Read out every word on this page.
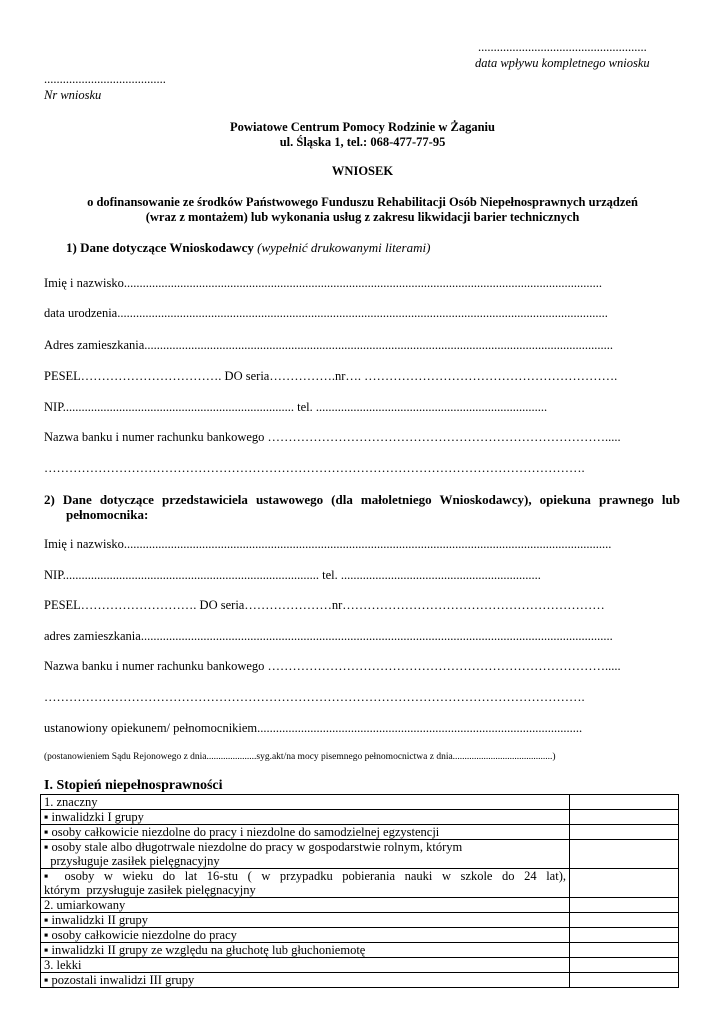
......................................................
data wpływu kompletnego wniosku
.......................................
Nr wniosku
Powiatowe Centrum Pomocy Rodzinie w Żaganiu
ul. Śląska 1, tel.: 068-477-77-95
WNIOSEK
o dofinansowanie ze środków Państwowego Funduszu Rehabilitacji Osób Niepełnosprawnych urządzeń
(wraz z montażem) lub wykonania usług z zakresu likwidacji barier technicznych
1) Dane dotyczące Wnioskodawcy (wypełnić drukowanymi literami)
Imię i nazwisko.........................................................................................................................................................
data urodzenia.............................................................................................................................................................
Adres zamieszkania......................................................................................................................................................
PESEL……………………………. DO seria…………….nr…. …………………………………………………….
NIP.......................................................................... tel. ..........................................................................
Nazwa banku i numer rachunku bankowego ……………………………………………………………………….....
………………………………………………………………………………………………………………….
2) Dane dotyczące przedstawiciela ustawowego (dla małoletniego Wnioskodawcy), opiekuna prawnego lub
pełnomocnika:
Imię i nazwisko............................................................................................................................................................
NIP.................................................................................. tel. ................................................................
PESEL………………………. DO seria…………………nr………………………………………………………
adres zamieszkania.......................................................................................................................................................
Nazwa banku i numer rachunku bankowego ……………………………………………………………………….....
………………………………………………………………………………………………………………….
ustanowiony opiekunem/ pełnomocnikiem........................................................................................................
(postanowieniem Sądu Rejonowego z dnia.....................syg.akt/na mocy pisemnego pełnomocnictwa z dnia..........................................)
I. Stopień niepełnosprawności
1. znaczny	

▪ inwalidzki I grupy	

▪ osoby całkowicie niezdolne do pracy i niezdolne do samodzielnej egzystencji	

▪ osoby stale albo długotrwale niezdolne do pracy w gospodarstwie rolnym, którym
przysługuje zasiłek pielęgnacyjny	

▪ osoby w wieku do lat 16-stu ( w przypadku pobierania nauki w szkole do 24 lat),
którym  przysługuje zasiłek pielęgnacyjny	

2. umiarkowany	

▪ inwalidzki II grupy	

▪ osoby całkowicie niezdolne do pracy	

▪ inwalidzki II grupy ze względu na głuchotę lub głuchoniemotę	

3. lekki	

▪ pozostali inwalidzi III grupy	
